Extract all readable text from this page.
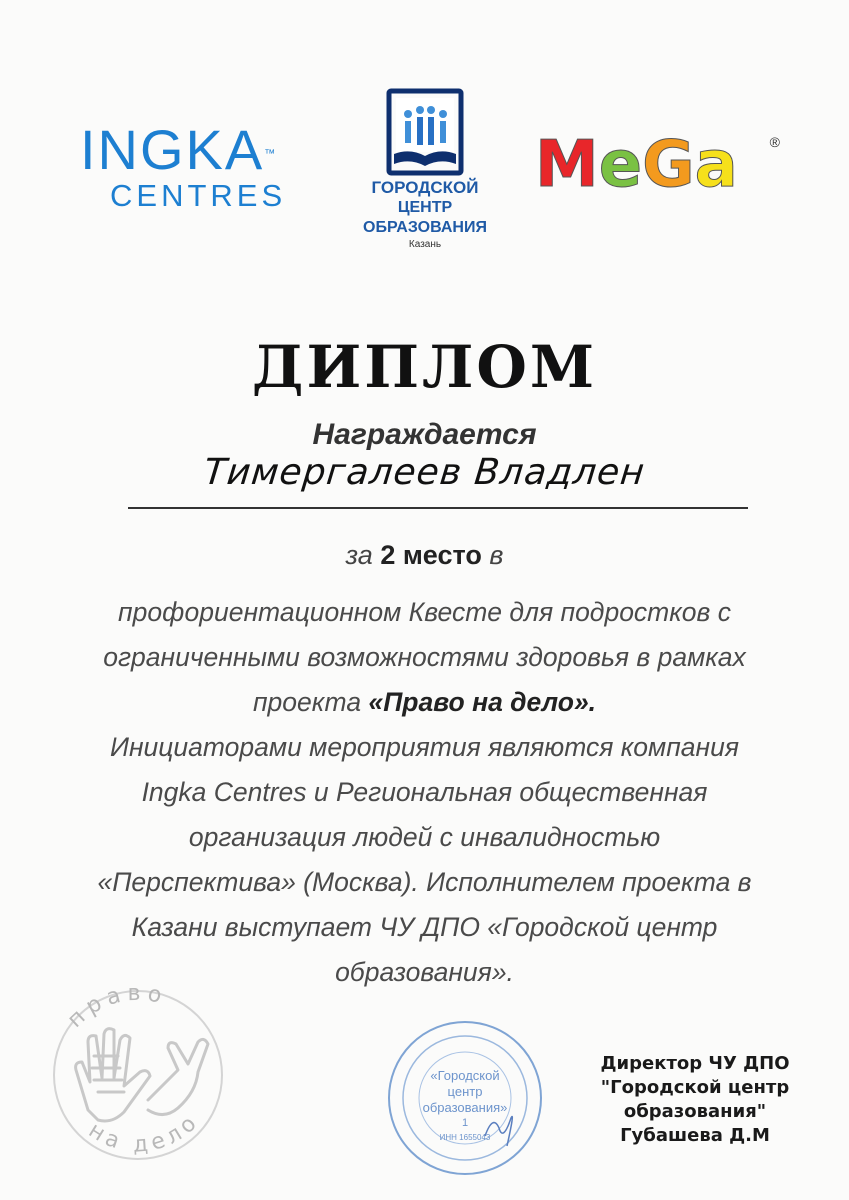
INGKA™
CENTRES	ГОРОДСКОЙ
ЦЕНТР ОБРАЗОВАНИЯ
Казань
M e G a ®
ДИПЛОМ
Награждается
Тимергалеев Владлен
за 2 место в
профориентационном Квесте для подростков с
ограниченными возможностями здоровья в рамках
проекта «Право на дело».
Инициаторами мероприятия являются компания
Ingka Centres и Региональная общественная
организация людей с инвалидностью
«Перспектива» (Москва). Исполнителем проекта в
Казани выступает ЧУ ДПО «Городской центр
образования».
право
на дело
«Городской
центр
образования»
1
ИНН 1655043
Директор ЧУ ДПО
"Городской центр
образования"
Губашева Д.М
